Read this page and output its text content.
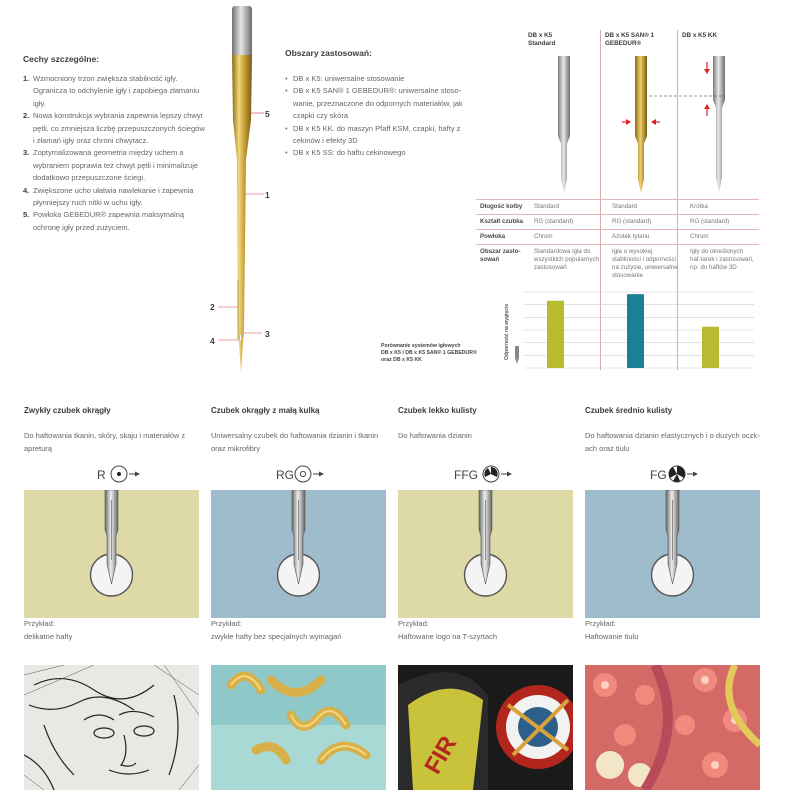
Cechy szczególne:
1. Wzmocniony trzon zwiększa stabilność igły. Ogranicza to odchylenie igły i zapobiega złamaniu igły.
2. Nowa konstrukcja wybrania zapewnia lepszy chwyt pętli, co zmniejsza liczbę przepuszczonych ściegów i złamań igły oraz chroni chwytacz.
3. Zoptymalizowana geometria między uchem a wybraniem poprawia też chwyt pętli i minimalizuje dodatkowo przepuszczone ściegi.
4. Zwiększone ucho ułatwia nawlekanie i zapewnia płynniejszy ruch nitki w uchu igły.
5. Powłoka GEBEDUR® zapewnia maksymalną ochronę igły przed zużyciem.
5
1
2
3
4
Obszary zastosowań:
• DB x K5: uniwersalne stosowanie
• DB x K5 SAN® 1 GEBEDUR®: uniwersalne stoso-wanie, przeznaczone do odpornych materiałów, jak czapki czy skóra
• DB x K5 KK. do maszyn Pfaff KSM, czapki, hafty z cekinów i efekty 3D
• DB x K5 SS: do haftu cekinowego
DB x K5
Standard
DB x K5 SAN® 1
GEBEDUR®
DB x K5 KK
Długość kolby	Standard	Standard	Krótka
Kształt czubka	RG (standard)	RG (standard)	RG (standard)
Powłoka	Chrom	Azotek tytanu	Chrom
Obszar zasto-sowań	Standardowa igła do wszystkich popularnych zastosowań	Igła o wysokiej stabilności i odporności na zużycie, uniwersalne stosowanie	Igły do określonych haf-tarek i zastosowań, np. do haftów 3D
Odporność na wygięcie
Porównanie systemów igłowych
DB x K5 i DB x K5 SAN® 1 GEBEDUR®
oraz DB x K5 KK
Zwykły czubek okrągły
Do haftowania tkanin, skóry, skaju i materiałów z apreturą
Czubek okrągły z małą kulką
Uniwersalny czubek do haftowania dzianin i tkanin oraz mikrofibry
Czubek lekko kulisty
Do haftowania dzianin
Czubek średnio kulisty
Do haftowania dzianin elastycznych i o dużych oczk-ach oraz tiulu
R	RG	FFG	FG
Przykład:
delikatne hafty
Przykład:
zwykłe hafty bez specjalnych wymagań
Przykład:
Haftowane logo na T-szyrtach
Przykład:
Haftowanie tiulu
FIR
